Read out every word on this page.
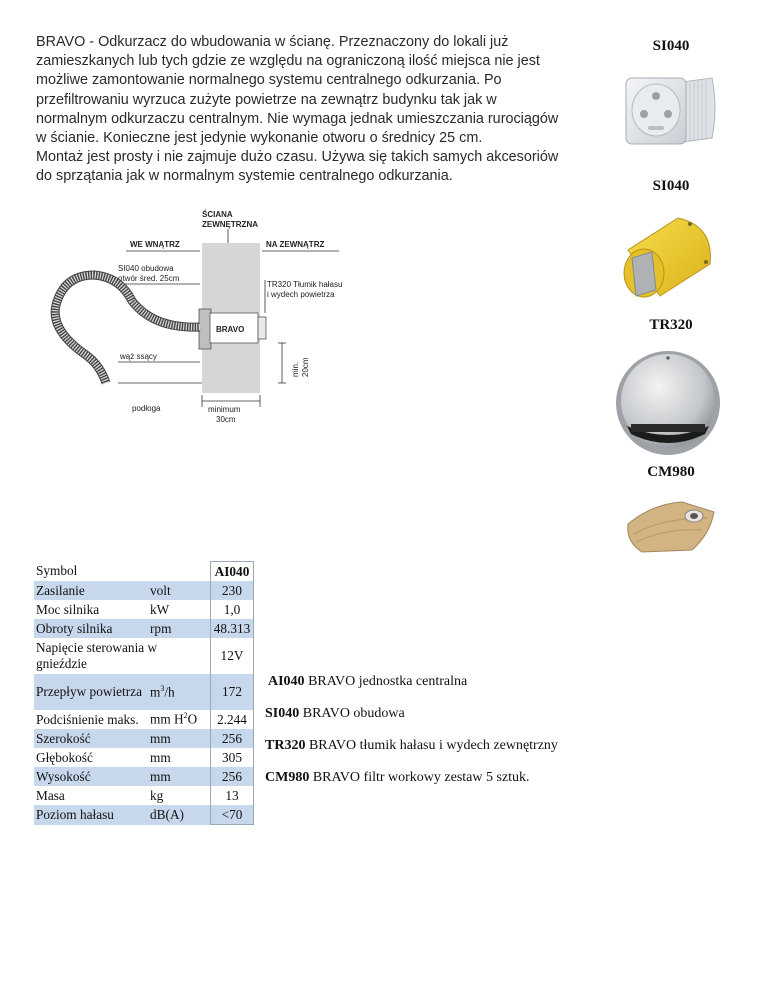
BRAVO - Odkurzacz do wbudowania w ścianę. Przeznaczony do lokali już

zamieszkanych lub tych gdzie ze względu na ograniczoną ilość miejsca nie jest

możliwe zamontowanie normalnego systemu centralnego odkurzania. Po

przefiltrowaniu wyrzuca zużyte powietrze na zewnątrz budynku tak jak w

normalnym odkurzaczu centralnym. Nie wymaga jednak umieszczania rurociągów

w ścianie. Konieczne jest jedynie wykonanie otworu o średnicy 25 cm.

Montaż jest prosty i nie zajmuje dużo czasu. Używa się takich samych akcesoriów

do sprzątania jak w normalnym systemie centralnego odkurzania.

SI040
SI040
TR320
CM980
ŚCIANA
ZEWNĘTRZNA
WE WNĄTRZ	NA ZEWNĄTRZ
SI040 obudowa
otwór śred. 25cm
TR320 Tłumik hałasu
i wydech powietrza
BRAVO
wąż ssący
podłoga
min. 20cm
minimum
30cm
Symbol		AI040
Zasilanie	volt	230
Moc silnika	kW	1,0
Obroty silnika	rpm	48.313
Napięcie sterowania w gnieździe		12V
Przepływ powietrza	$m^3/h$	172
Podciśnienie maks.	mm $H^2O$	2.244
Szerokość	mm	256
Głębokość	mm	305
Wysokość	mm	256
Masa	kg	13
Poziom hałasu	dB(A)	<70
AI040 BRAVO jednostka centralna
SI040 BRAVO obudowa
TR320 BRAVO tłumik hałasu i wydech zewnętrzny
CM980 BRAVO filtr workowy zestaw 5 sztuk.
